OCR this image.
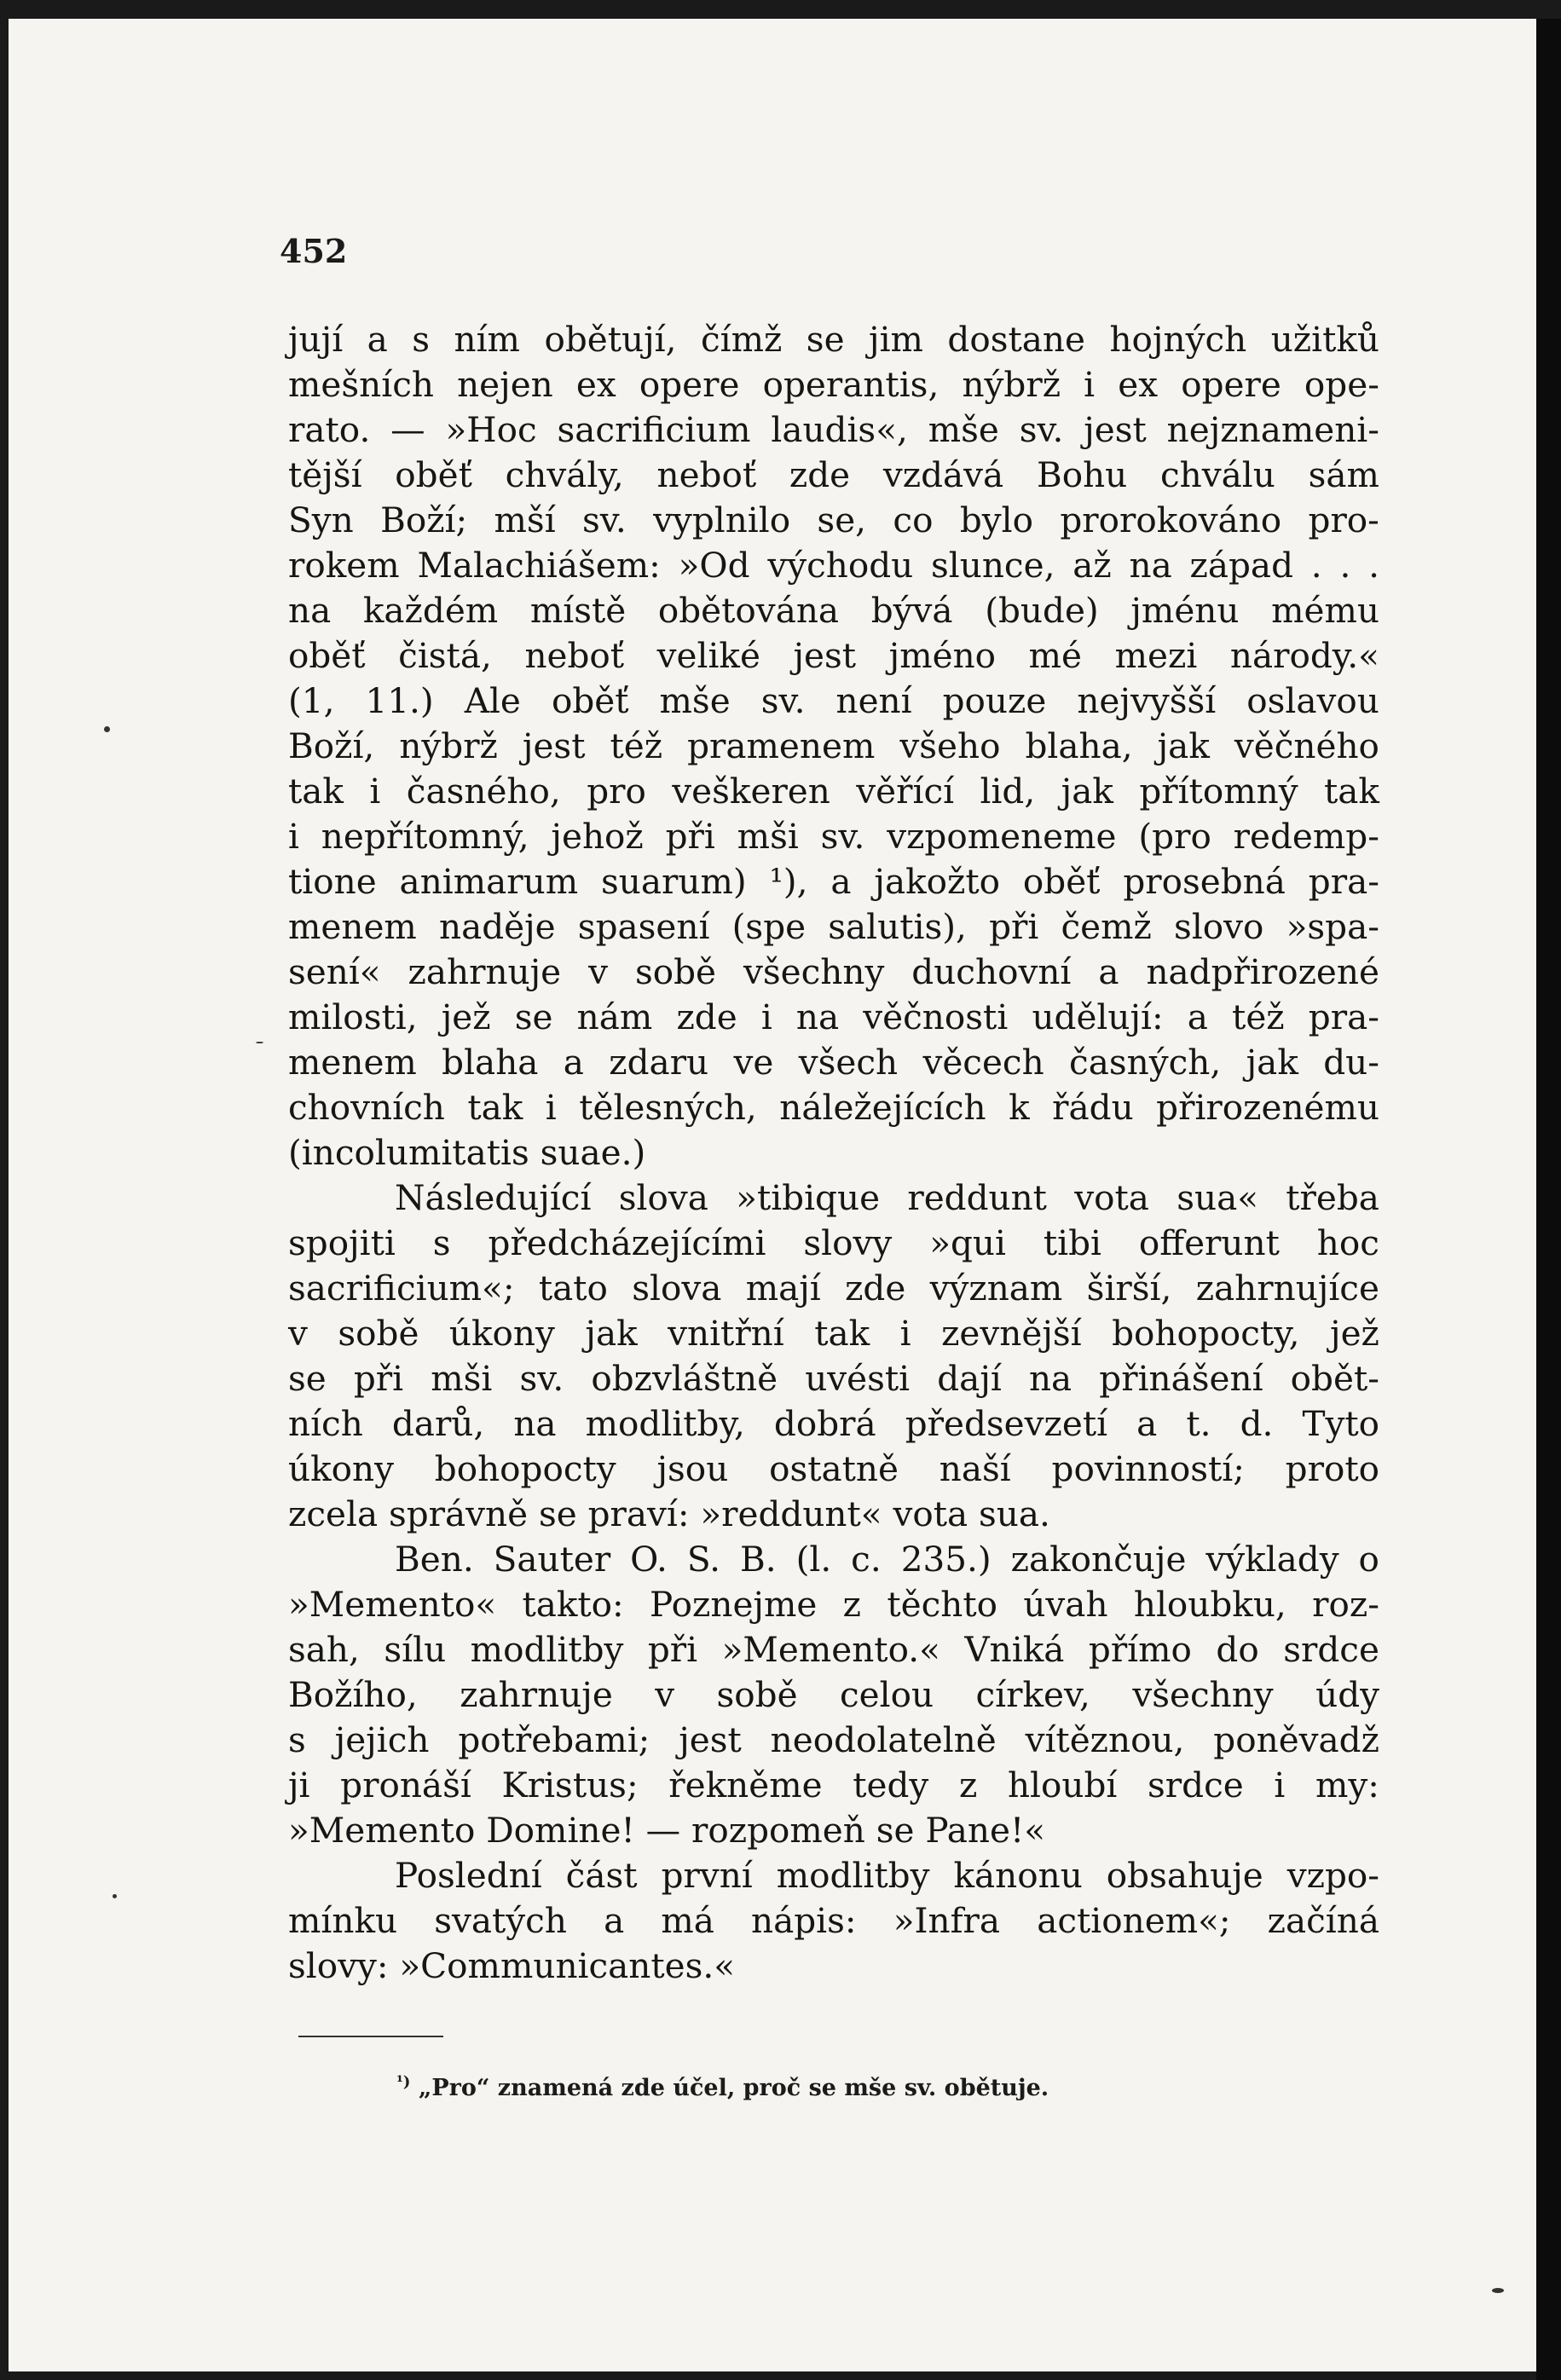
452
jují a s ním obětují, čímž se jim dostane hojných užitků
mešních nejen ex opere operantis, nýbrž i ex opere ope-
rato. — »Hoc sacrificium laudis«, mše sv. jest nejznameni-
tější oběť chvály, neboť zde vzdává Bohu chválu sám
Syn Boží; mší sv. vyplnilo se, co bylo prorokováno pro-
rokem Malachiášem: »Od východu slunce, až na západ . . .
na každém místě obětována bývá (bude) jménu mému
oběť čistá, neboť veliké jest jméno mé mezi národy.«
(1, 11.) Ale oběť mše sv. není pouze nejvyšší oslavou
Boží, nýbrž jest též pramenem všeho blaha, jak věčného
tak i časného, pro veškeren věřící lid, jak přítomný tak
i nepřítomný, jehož při mši sv. vzpomeneme (pro redemp-
tione animarum suarum) ¹), a jakožto oběť prosebná pra-
menem naděje spasení (spe salutis), při čemž slovo »spa-
sení« zahrnuje v sobě všechny duchovní a nadpřirozené
milosti, jež se nám zde i na věčnosti udělují: a též pra-
menem blaha a zdaru ve všech věcech časných, jak du-
chovních tak i tělesných, náležejících k řádu přirozenému
(incolumitatis suae.)
Následující slova »tibique reddunt vota sua« třeba
spojiti s předcházejícími slovy »qui tibi offerunt hoc
sacrificium«; tato slova mají zde význam širší, zahrnujíce
v sobě úkony jak vnitřní tak i zevnější bohopocty, jež
se při mši sv. obzvláštně uvésti dají na přinášení obět-
ních darů, na modlitby, dobrá předsevzetí a t. d. Tyto
úkony bohopocty jsou ostatně naší povinností; proto
zcela správně se praví: »reddunt« vota sua.
Ben. Sauter O. S. B. (l. c. 235.) zakončuje výklady o
»Memento« takto: Poznejme z těchto úvah hloubku, roz-
sah, sílu modlitby při »Memento.« Vniká přímo do srdce
Božího, zahrnuje v sobě celou církev, všechny údy
s jejich potřebami; jest neodolatelně vítěznou, poněvadž
ji pronáší Kristus; řekněme tedy z hloubí srdce i my:
»Memento Domine! — rozpomeň se Pane!«
Poslední část první modlitby kánonu obsahuje vzpo-
mínku svatých a má nápis: »Infra actionem«; začíná
slovy: »Communicantes.«
$^{^1)}$ „Pro“ znamená zde účel, proč se mše sv. obětuje.
